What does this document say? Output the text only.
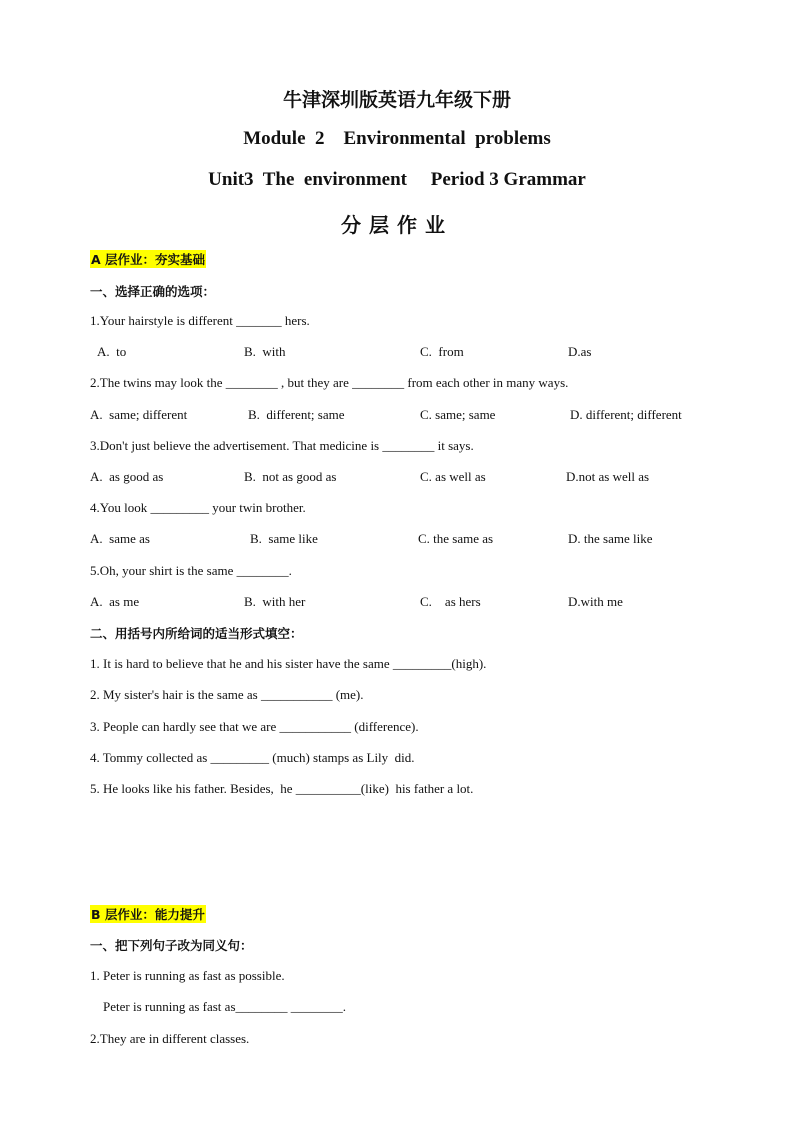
牛津深圳版英语九年级下册
Module  2    Environmental  problems
Unit3  The  environment     Period 3 Grammar
分层作业
A 层作业：夯实基础
一、选择正确的选项：
1.Your hairstyle is different _______ hers.
A.  to	B.  with	C.  from	D.as
2.The twins may look the ________ , but they are ________ from each other in many ways.
A.  same; different	B.  different; same	C. same; same	D. different; different
3.Don't just believe the advertisement. That medicine is ________ it says.
A.  as good as	B.  not as good as	C. as well as	D.not as well as
4.You look _________ your twin brother.
A.  same as	B.  same like	C. the same as	D. the same like
5.Oh, your shirt is the same ________.
A.  as me	B.  with her	C.    as hers	D.with me
二、用括号内所给词的适当形式填空：
1. It is hard to believe that he and his sister have the same _________(high).
2. My sister's hair is the same as ___________ (me).
3. People can hardly see that we are ___________ (difference).
4. Tommy collected as _________ (much) stamps as Lily  did.
5. He looks like his father. Besides,  he __________(like)  his father a lot.
B 层作业：能力提升
一、把下列句子改为同义句：
1. Peter is running as fast as possible.
Peter is running as fast as________ ________.
2.They are in different classes.
